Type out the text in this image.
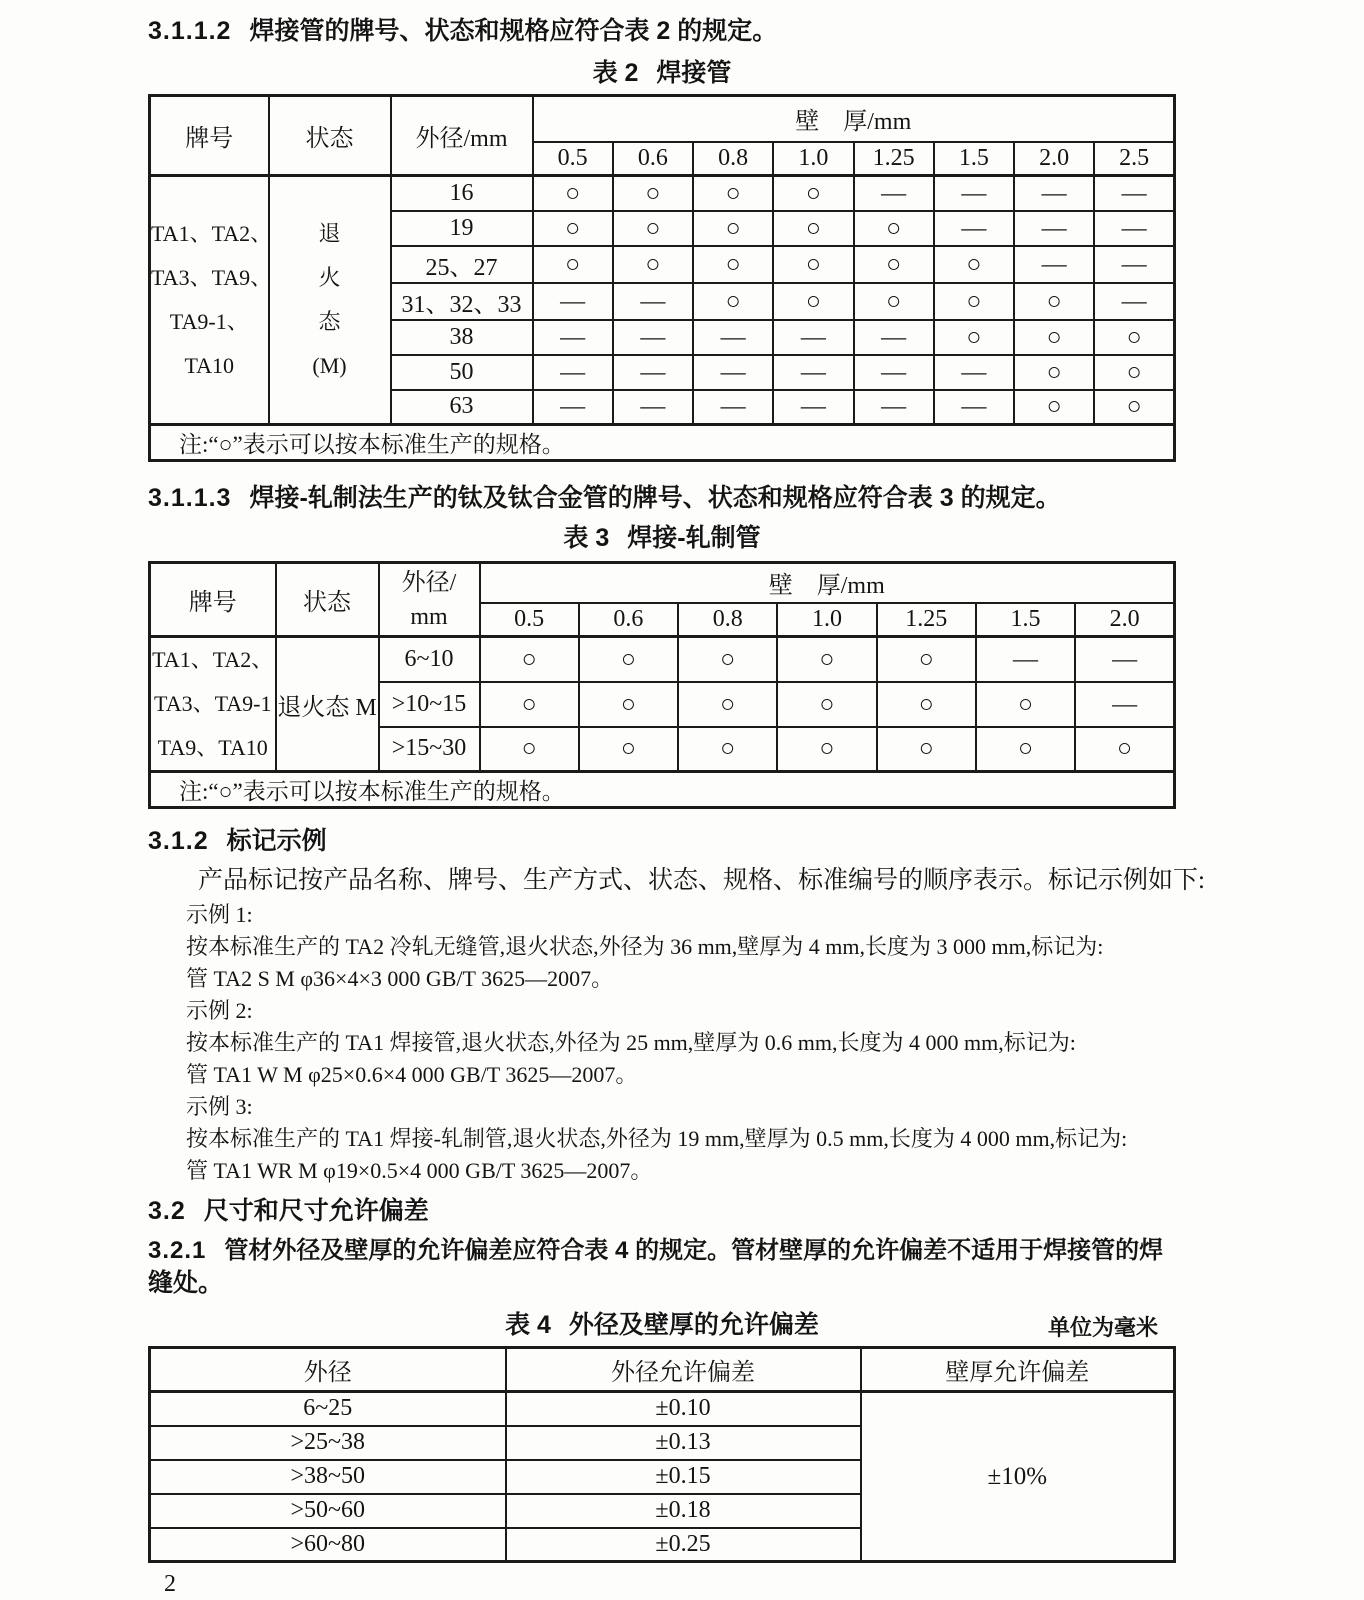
3.1.1.2 焊接管的牌号、状态和规格应符合表 2 的规定。

表 2 焊接管
牌号	状态	外径/mm	壁　厚/mm							
			0.5	0.6	0.8	1.0	1.25	1.5	2.0	2.5

TA1、TA2、
TA3、TA9、
TA9-1、
TA10

退
火
态
(M)
	16	○	○	○	○	—	—	—	—
		19	○	○	○	○	○	—	—	—
		25、27	○	○	○	○	○	○	—	—
		31、32、33	—	—	○	○	○	○	○	—
		38	—	—	—	—	—	○	○	○
		50	—	—	—	—	—	—	○	○
		63	—	—	—	—	—	—	○	○
注:“○”表示可以按本标准生产的规格。										

3.1.1.3 焊接-轧制法生产的钛及钛合金管的牌号、状态和规格应符合表 3 的规定。

表 3 焊接-轧制管
牌号	状态	外径/
mm	壁　厚/mm						
			0.5	0.6	0.8	1.0	1.25	1.5	2.0

TA1、TA2、
TA3、TA9-1
TA9、TA10	退火态 M	6~10	○	○	○	○	○	—	—
		>10~15	○	○	○	○	○	○	—
		>15~30	○	○	○	○	○	○	○
注:“○”表示可以按本标准生产的规格。									

3.1.2 标记示例

产品标记按产品名称、牌号、生产方式、状态、规格、标准编号的顺序表示。标记示例如下:

示例 1:

按本标准生产的 TA2 冷轧无缝管,退火状态,外径为 36 mm,壁厚为 4 mm,长度为 3 000 mm,标记为:

管 TA2 S M φ36×4×3 000 GB/T 3625—2007。

示例 2:

按本标准生产的 TA1 焊接管,退火状态,外径为 25 mm,壁厚为 0.6 mm,长度为 4 000 mm,标记为:

管 TA1 W M φ25×0.6×4 000 GB/T 3625—2007。

示例 3:

按本标准生产的 TA1 焊接-轧制管,退火状态,外径为 19 mm,壁厚为 0.5 mm,长度为 4 000 mm,标记为:

管 TA1 WR M φ19×0.5×4 000 GB/T 3625—2007。

3.2 尺寸和尺寸允许偏差

3.2.1 管材外径及壁厚的允许偏差应符合表 4 的规定。管材壁厚的允许偏差不适用于焊接管的焊

缝处。

表 4 外径及壁厚的允许偏差	单位为毫米
外径	外径允许偏差	壁厚允许偏差
6~25	±0.10	±10%
>25~38	±0.13	
>38~50	±0.15	
>50~60	±0.18	
>60~80	±0.25	

2
